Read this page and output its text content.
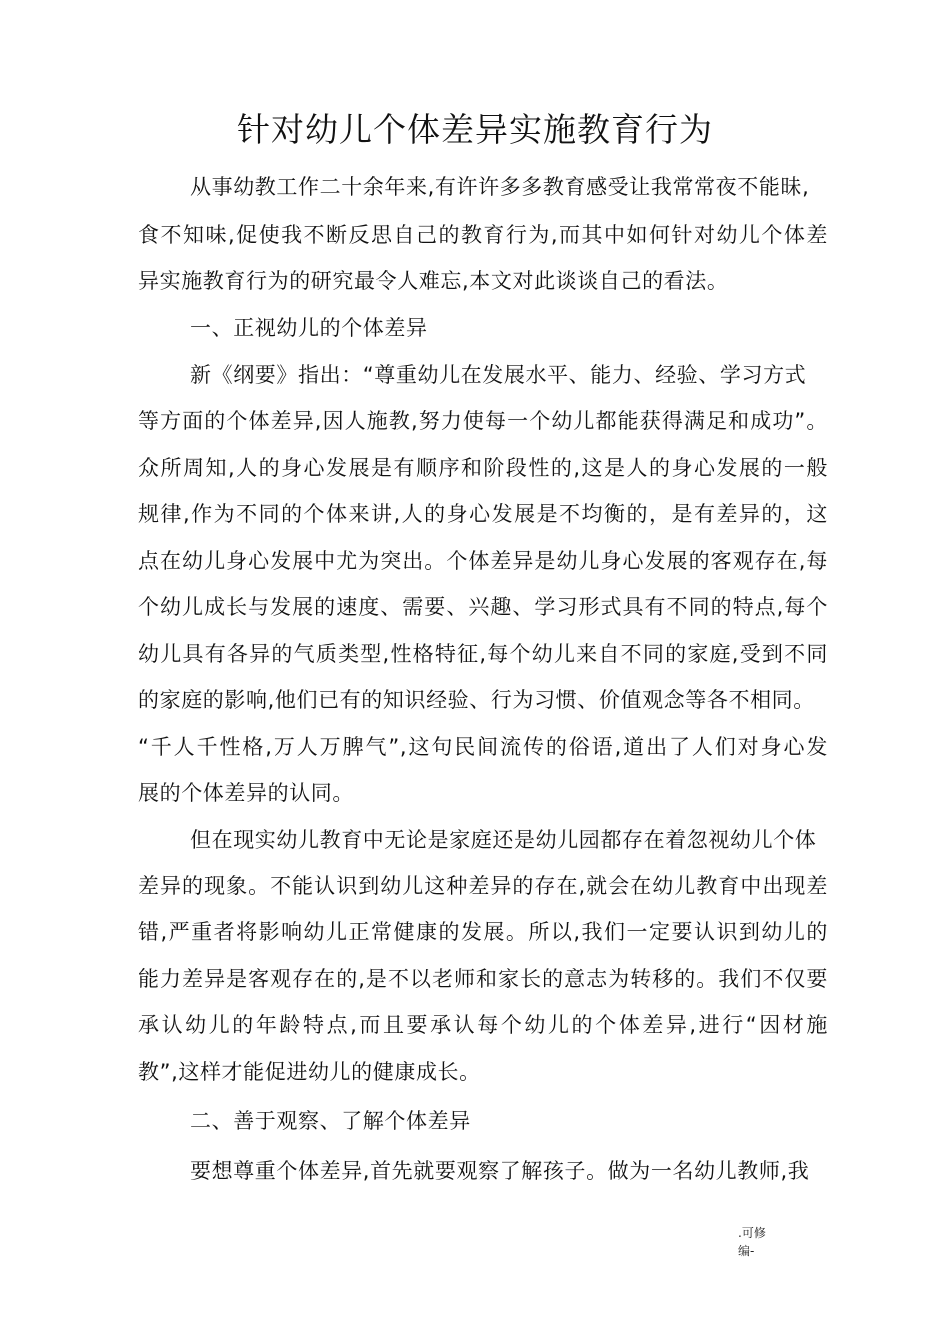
针对幼儿个体差异实施教育行为
从事幼教工作二十余年来,有许许多多教育感受让我常常夜不能昧,
食不知味,促使我不断反思自己的教育行为,而其中如何针对幼儿个体差
异实施教育行为的研究最令人难忘,本文对此谈谈自己的看法。
一、正视幼儿的个体差异
新《纲要》指出：“尊重幼儿在发展水平、能力、经验、学习方式
等方面的个体差异,因人施教,努力使每一个幼儿都能获得满足和成功”。
众所周知,人的身心发展是有顺序和阶段性的,这是人的身心发展的一般
规律,作为不同的个体来讲,人的身心发展是不均衡的，是有差异的，这
点在幼儿身心发展中尤为突出。个体差异是幼儿身心发展的客观存在,每
个幼儿成长与发展的速度、需要、兴趣、学习形式具有不同的特点,每个
幼儿具有各异的气质类型,性格特征,每个幼儿来自不同的家庭,受到不同
的家庭的影响,他们已有的知识经验、行为习惯、价值观念等各不相同。
“千人千性格,万人万脾气”,这句民间流传的俗语,道出了人们对身心发
展的个体差异的认同。
但在现实幼儿教育中无论是家庭还是幼儿园都存在着忽视幼儿个体
差异的现象。不能认识到幼儿这种差异的存在,就会在幼儿教育中出现差
错,严重者将影响幼儿正常健康的发展。所以,我们一定要认识到幼儿的
能力差异是客观存在的,是不以老师和家长的意志为转移的。我们不仅要
承认幼儿的年龄特点,而且要承认每个幼儿的个体差异,进行“因材施
教”,这样才能促进幼儿的健康成长。
二、善于观察、了解个体差异
要想尊重个体差异,首先就要观察了解孩子。做为一名幼儿教师,我
.可修
编-
